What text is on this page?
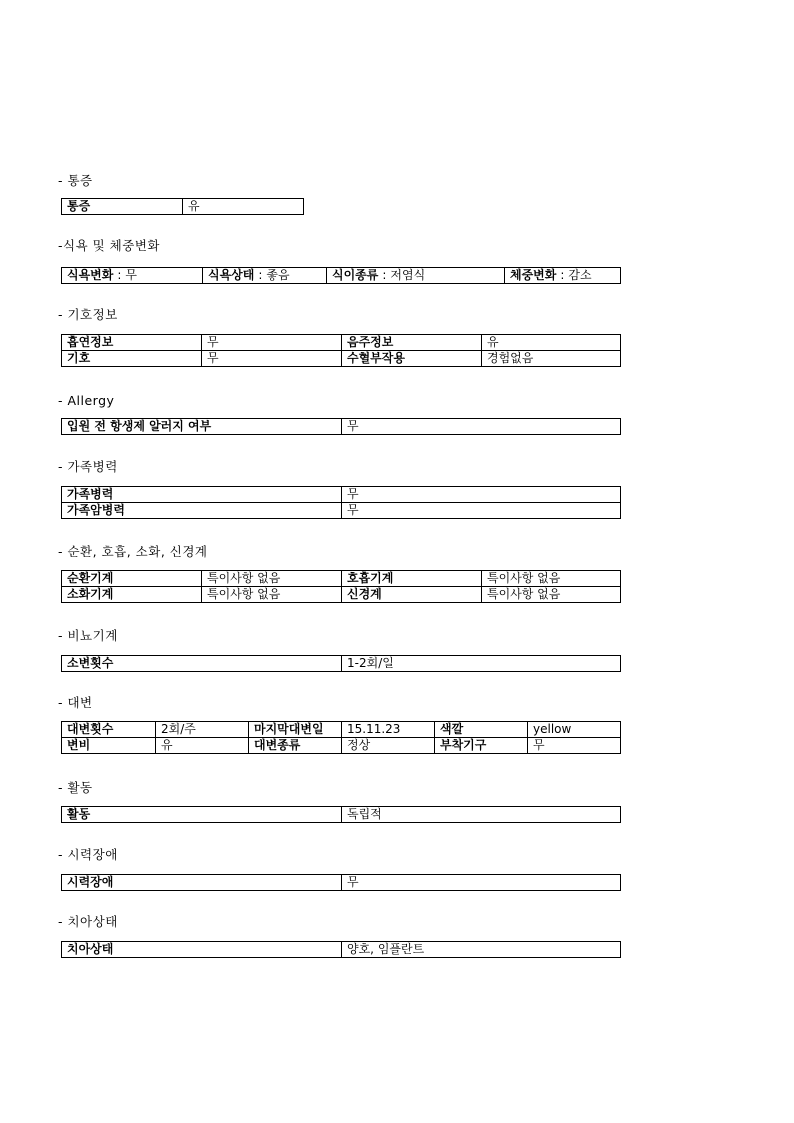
- 통증
통증	유
-식욕 및 체중변화
식욕변화 : 무	식욕상태 : 좋음	식이종류 : 저염식	체중변화 : 감소
- 기호정보
흡연정보	무	음주정보	유
기호	무	수혈부작용	경험없음
- Allergy
입원 전 항생제 알러지 여부	무
- 가족병력
가족병력	무
가족암병력	무
- 순환, 호흡, 소화, 신경계
순환기계	특이사항 없음	호흡기계	특이사항 없음
소화기계	특이사항 없음	신경계	특이사항 없음
- 비뇨기계
소변횟수	1-2회/일
- 대변
대변횟수	2회/주	마지막대변일	15.11.23	색깔	yellow
변비	유	대변종류	정상	부착기구	무
- 활동
활동	독립적
- 시력장애
시력장애	무
- 치아상태
치아상태	양호, 임플란트
